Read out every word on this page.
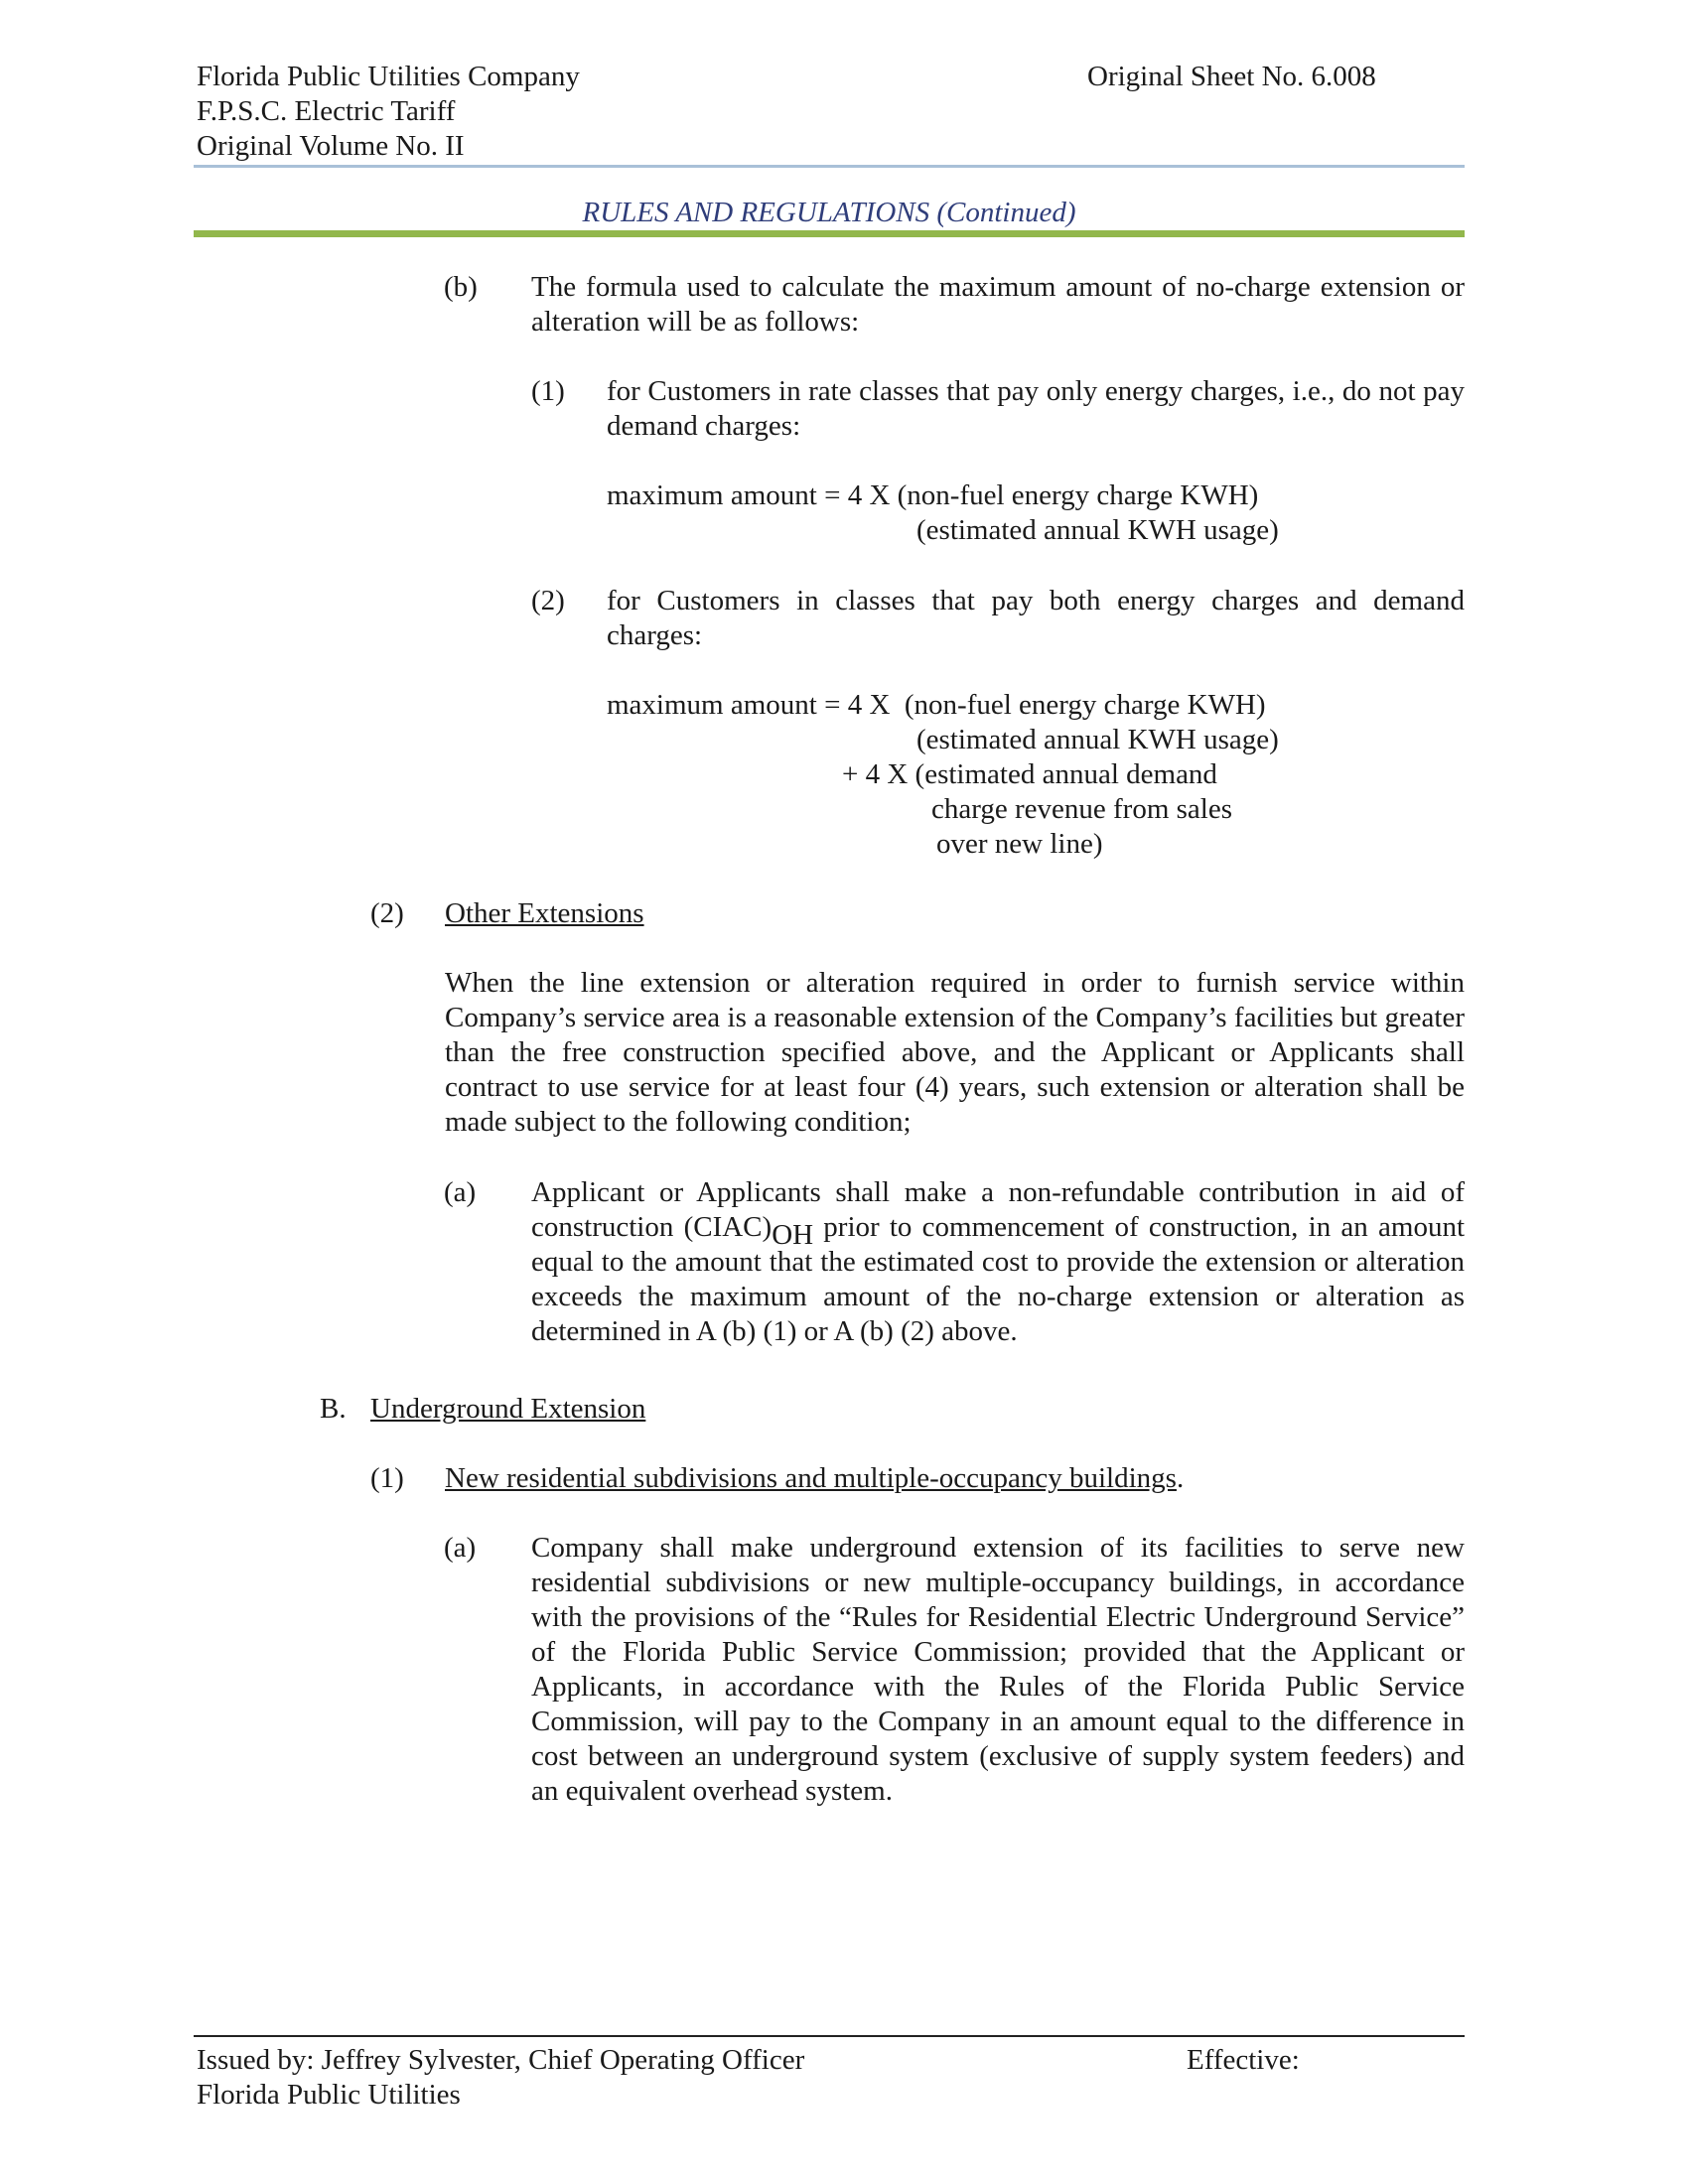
Florida Public Utilities Company
F.P.S.C. Electric Tariff
Original Volume No. II
Original Sheet No. 6.008
RULES AND REGULATIONS (Continued)
(b) The formula used to calculate the maximum amount of no-charge extension or alteration will be as follows:
(1) for Customers in rate classes that pay only energy charges, i.e., do not pay demand charges:
maximum amount = 4 X (non-fuel energy charge KWH)
(estimated annual KWH usage)
(2) for Customers in classes that pay both energy charges and demand charges:
maximum amount = 4 X  (non-fuel energy charge KWH)
(estimated annual KWH usage)
+ 4 X (estimated annual demand
charge revenue from sales
over new line)
(2) Other Extensions
When the line extension or alteration required in order to furnish service within Company’s service area is a reasonable extension of the Company’s facilities but greater than the free construction specified above, and the Applicant or Applicants shall contract to use service for at least four (4) years, such extension or alteration shall be made subject to the following condition;
(a) Applicant or Applicants shall make a non-refundable contribution in aid of construction $(CIAC)_{OH}$ prior to commencement of construction, in an amount equal to the amount that the estimated cost to provide the extension or alteration exceeds the maximum amount of the no-charge extension or alteration as determined in A (b) (1) or A (b) (2) above.
B. Underground Extension
(1) New residential subdivisions and multiple-occupancy buildings.
(a) Company shall make underground extension of its facilities to serve new residential subdivisions or new multiple-occupancy buildings, in accordance with the provisions of the “Rules for Residential Electric Underground Service” of the Florida Public Service Commission; provided that the Applicant or Applicants, in accordance with the Rules of the Florida Public Service Commission, will pay to the Company in an amount equal to the difference in cost between an underground system (exclusive of supply system feeders) and an equivalent overhead system.
Issued by: Jeffrey Sylvester, Chief Operating Officer
Florida Public Utilities
Effective:
